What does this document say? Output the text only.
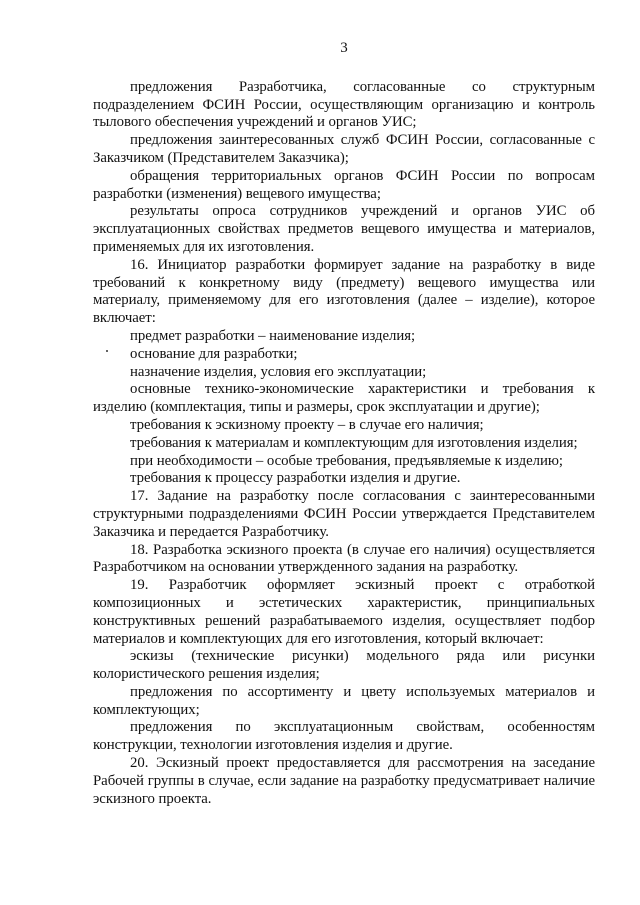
3

предложения Разработчика, согласованные со структурным подразделением ФСИН России, осуществляющим организацию и контроль тылового обеспечения учреждений и органов УИС;

предложения заинтересованных служб ФСИН России, согласованные с Заказчиком (Представителем Заказчика);

обращения территориальных органов ФСИН России по вопросам разработки (изменения) вещевого имущества;

результаты опроса сотрудников учреждений и органов УИС об эксплуатационных свойствах предметов вещевого имущества и материалов, применяемых для их изготовления.

16. Инициатор разработки формирует задание на разработку в виде требований к конкретному виду (предмету) вещевого имущества или материалу, применяемому для его изготовления (далее – изделие), которое включает:

предмет разработки – наименование изделия;

основание для разработки;

назначение изделия, условия его эксплуатации;

основные технико-экономические характеристики и требования к изделию (комплектация, типы и размеры, срок эксплуатации и другие);

требования к эскизному проекту – в случае его наличия;

требования к материалам и комплектующим для изготовления изделия;

при необходимости – особые требования, предъявляемые к изделию;

требования к процессу разработки изделия и другие.

17. Задание на разработку после согласования с заинтересованными структурными подразделениями ФСИН России утверждается Представителем Заказчика и передается Разработчику.

18. Разработка эскизного проекта (в случае его наличия) осуществляется Разработчиком на основании утвержденного задания на разработку.

19. Разработчик оформляет эскизный проект с отработкой композиционных и эстетических характеристик, принципиальных конструктивных решений разрабатываемого изделия, осуществляет подбор материалов и комплектующих для его изготовления, который включает:

эскизы (технические рисунки) модельного ряда или рисунки колористического решения изделия;

предложения по ассортименту и цвету используемых материалов и комплектующих;

предложения по эксплуатационным свойствам, особенностям конструкции, технологии изготовления изделия и другие.

20. Эскизный проект предоставляется для рассмотрения на заседание Рабочей группы в случае, если задание на разработку предусматривает наличие эскизного проекта.
